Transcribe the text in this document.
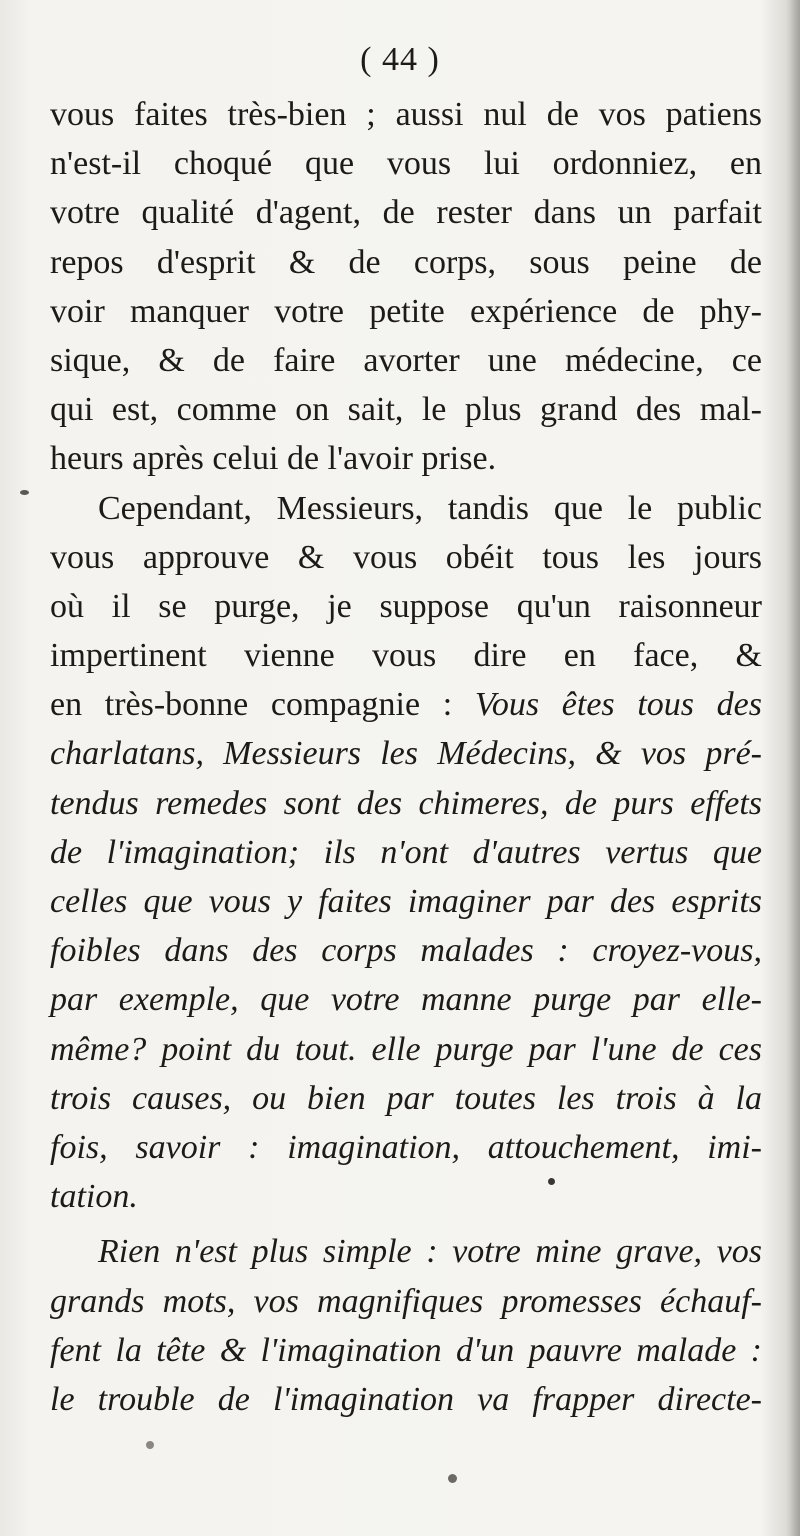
( 44 )
vous faites très-bien ; aussi nul de vos patiens
n'est-il choqué que vous lui ordonniez, en
votre qualité d'agent, de rester dans un parfait
repos d'esprit & de corps, sous peine de
voir manquer votre petite expérience de phy-
sique, & de faire avorter une médecine, ce
qui est, comme on sait, le plus grand des mal-
heurs après celui de l'avoir prise.
Cependant, Messieurs, tandis que le public
vous approuve & vous obéit tous les jours
où il se purge, je suppose qu'un raisonneur
impertinent vienne vous dire en face, &
en très-bonne compagnie : Vous êtes tous des
charlatans, Messieurs les Médecins, & vos pré-
tendus remedes sont des chimeres, de purs effets
de l'imagination; ils n'ont d'autres vertus que
celles que vous y faites imaginer par des esprits
foibles dans des corps malades : croyez-vous,
par exemple, que votre manne purge par elle-
même? point du tout. elle purge par l'une de ces
trois causes, ou bien par toutes les trois à la
fois, savoir : imagination, attouchement, imi-
tation.
Rien n'est plus simple : votre mine grave, vos
grands mots, vos magnifiques promesses échauf-
fent la tête & l'imagination d'un pauvre malade :
le trouble de l'imagination va frapper directe-
